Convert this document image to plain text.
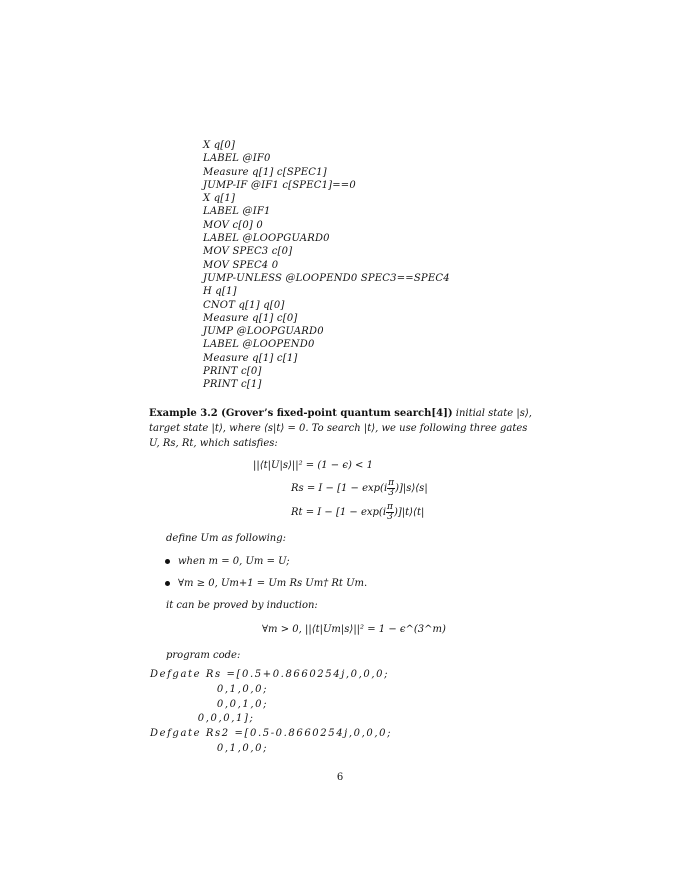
X q[0]
LABEL @IF0
Measure q[1] c[SPEC1]
JUMP-IF @IF1 c[SPEC1]==0
X q[1]
LABEL @IF1
MOV c[0] 0
LABEL @LOOPGUARD0
MOV SPEC3 c[0]
MOV SPEC4 0
JUMP-UNLESS @LOOPEND0 SPEC3==SPEC4
H q[1]
CNOT q[1] q[0]
Measure q[1] c[0]
JUMP @LOOPGUARD0
LABEL @LOOPEND0
Measure q[1] c[1]
PRINT c[0]
PRINT c[1]
Example 3.2 (Grover’s fixed-point quantum search[4]) initial state |s⟩, target state |t⟩, where ⟨s|t⟩ = 0. To search |t⟩, we use following three gates U, Rs, Rt, which satisfies:
||⟨t|U|s⟩||² = (1 − ϵ) < 1
$Rs = I - [1 - \exp(i \frac{\pi}{3}$ )]|s⟩⟨s|
$Rt = I - [1 - \exp(i \frac{\pi}{3}$ )]|t⟩⟨t|
define Um as following:
when m = 0, Um = U;
∀m ≥ 0, Um+1 = Um Rs Um† Rt Um.
it can be proved by induction:
∀m > 0, ||⟨t|Um|s⟩||² = 1 − ϵ^(3^m)
program code:
Defgate Rs =[0.5+0.8660254j,0,0,0;
0,1,0,0;
0,0,1,0;
0,0,0,1];
Defgate Rs2 =[0.5-0.8660254j,0,0,0;
0,1,0,0;
6
